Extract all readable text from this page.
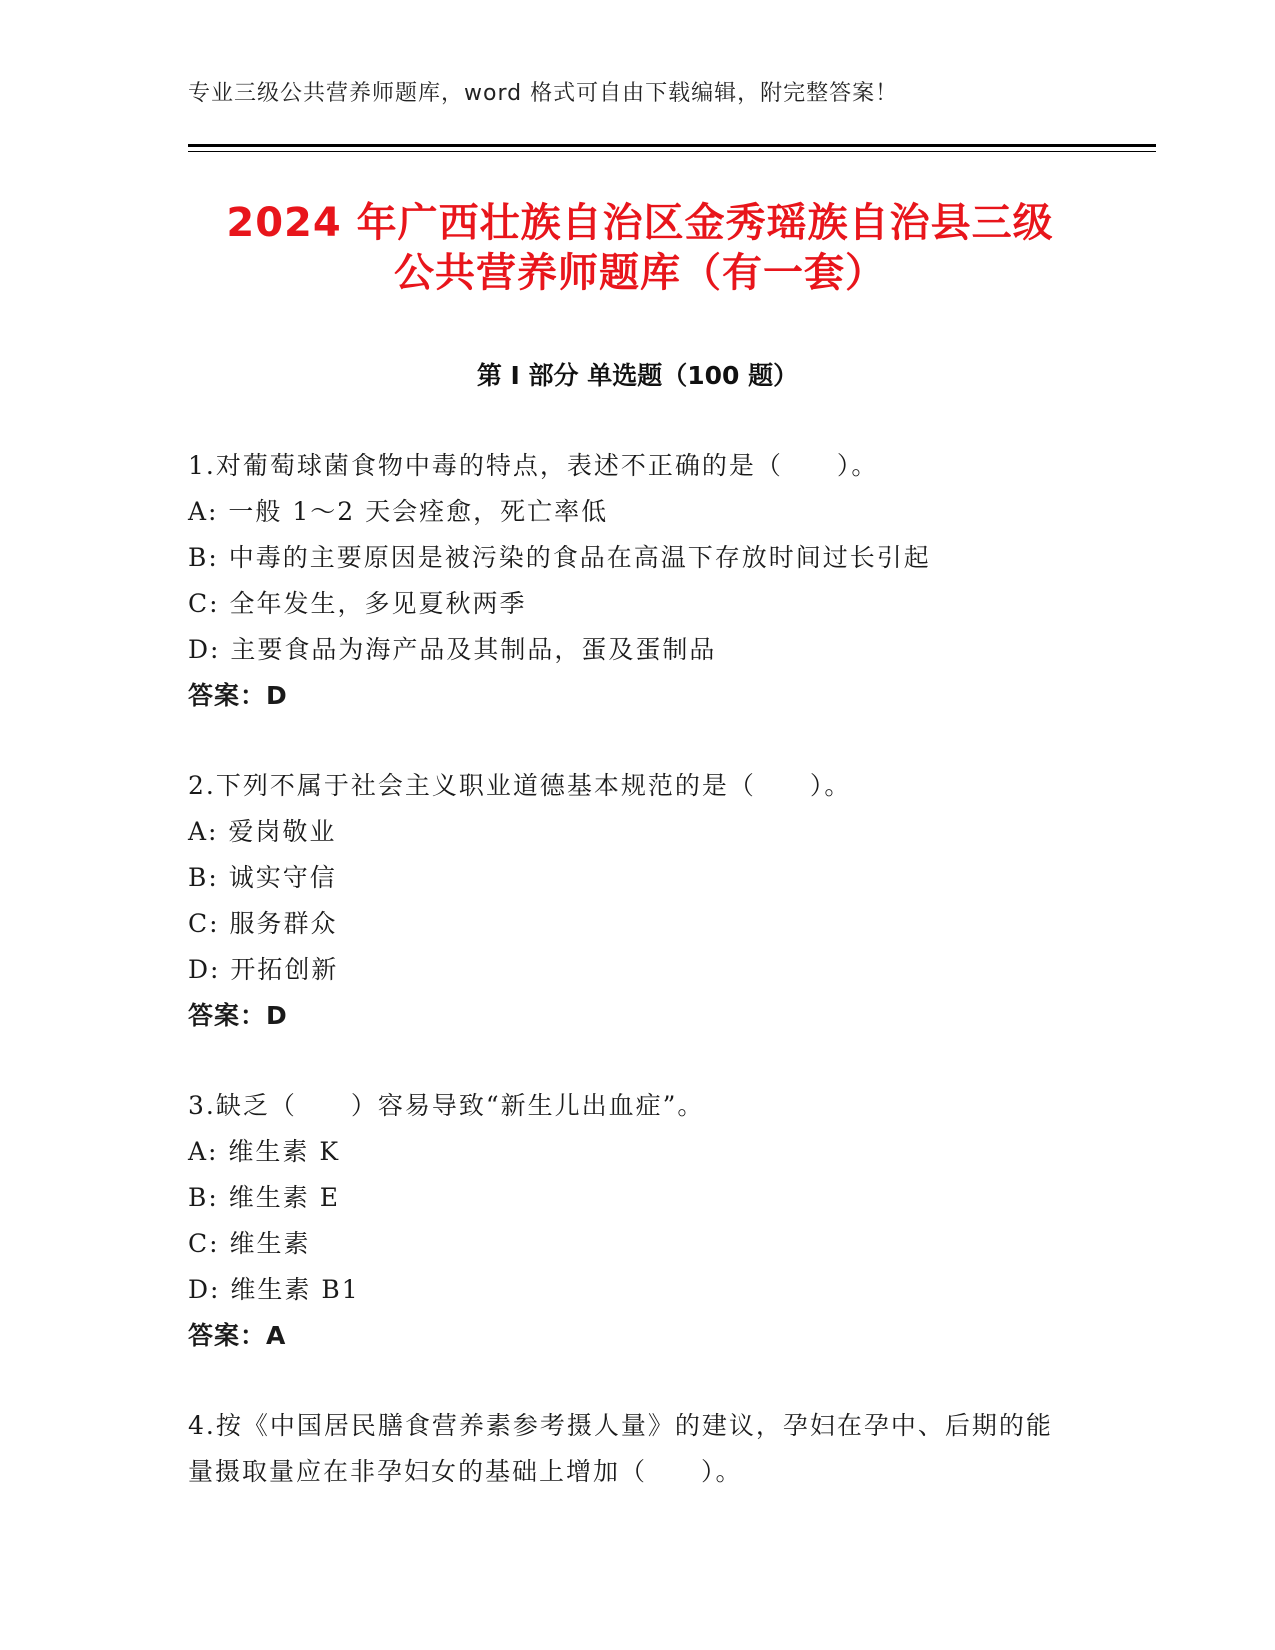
专业三级公共营养师题库，word 格式可自由下载编辑，附完整答案！
2024 年广西壮族自治区金秀瑶族自治县三级
公共营养师题库（有一套）
第 I 部分 单选题（100 题）
1.对葡萄球菌食物中毒的特点，表述不正确的是（　　）。
A: 一般 1～2 天会痊愈，死亡率低
B: 中毒的主要原因是被污染的食品在高温下存放时间过长引起
C: 全年发生，多见夏秋两季
D: 主要食品为海产品及其制品，蛋及蛋制品
答案：D
2.下列不属于社会主义职业道德基本规范的是（　　）。
A: 爱岗敬业
B: 诚实守信
C: 服务群众
D: 开拓创新
答案：D
3.缺乏（　　）容易导致“新生儿出血症”。
A: 维生素 K
B: 维生素 E
C: 维生素
D: 维生素 B1
答案：A
4.按《中国居民膳食营养素参考摄人量》的建议，孕妇在孕中、后期的能量摄取量应在非孕妇女的基础上增加（　　）。
